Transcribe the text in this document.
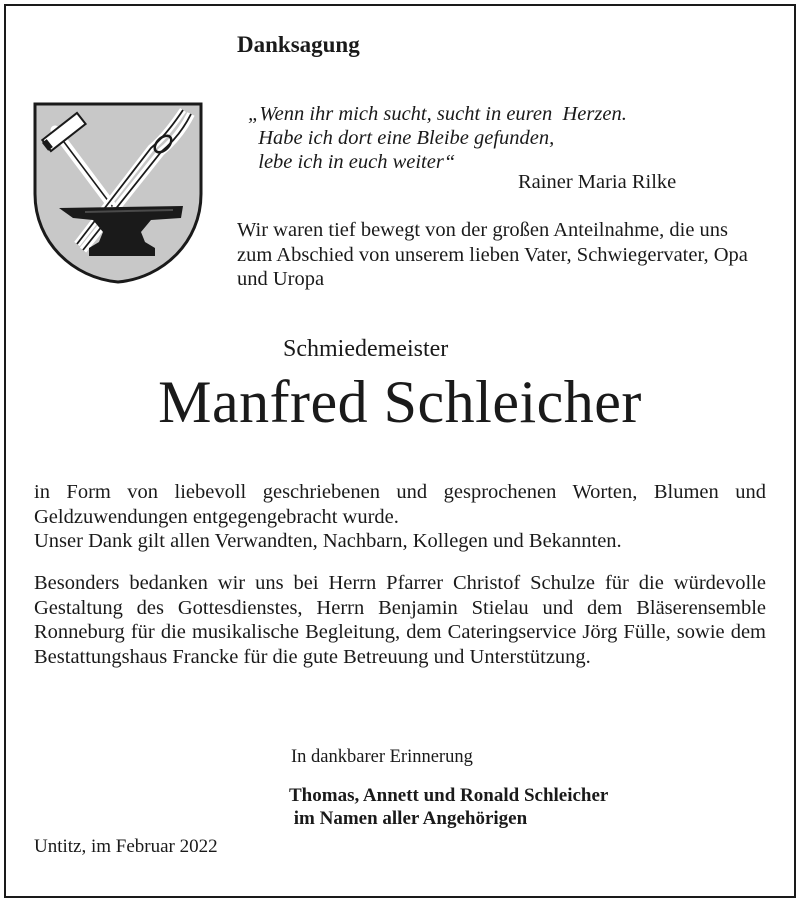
Danksagung
„Wenn ihr mich sucht, sucht in euren  Herzen.
Habe ich dort eine Bleibe gefunden,
lebe ich in euch weiter“
Rainer Maria Rilke
Wir waren tief bewegt von der großen Anteilnahme, die uns zum Abschied von unserem lieben Vater, Schwiegervater, Opa und Uropa
Schmiedemeister
Manfred Schleicher

in Form von liebevoll geschriebenen und gesprochenen Worten, Blumen und Geldzuwendungen entgegengebracht wurde.

Unser Dank gilt allen Verwandten, Nachbarn, Kollegen und Bekannten.

Besonders bedanken wir uns bei Herrn Pfarrer Christof Schulze für die würdevolle Gestaltung des Gottesdienstes, Herrn Benjamin Stielau und dem Bläserensemble Ronneburg für die musikalische Begleitung, dem Cateringservice Jörg Fülle, sowie dem Bestattungshaus Francke für die gute Betreuung und Unterstützung.

In dankbarer Erinnerung
Thomas, Annett und Ronald Schleicher
im Namen aller Angehörigen
Untitz, im Februar 2022
